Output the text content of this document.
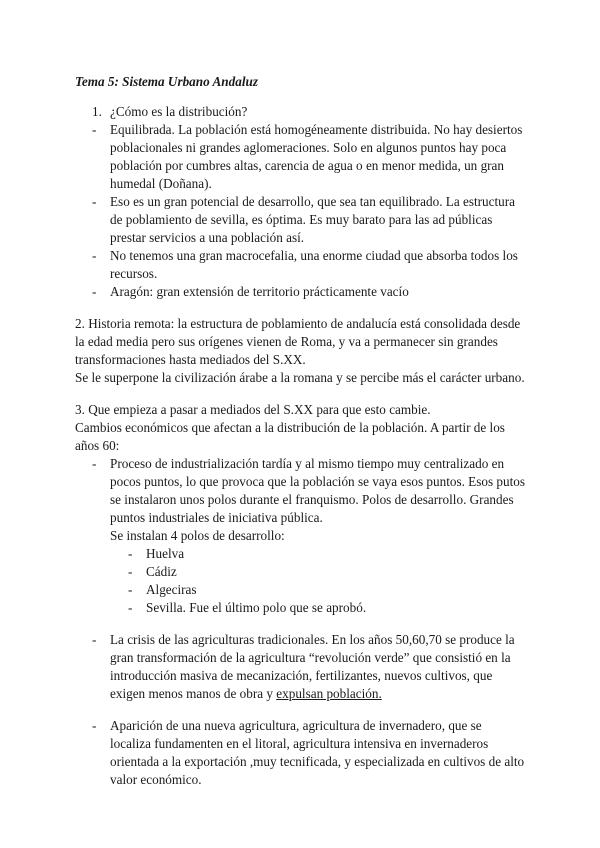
Tema 5: Sistema Urbano Andaluz
1. ¿Cómo es la distribución?
- Equilibrada. La población está homogéneamente distribuida. No hay desiertos
poblacionales ni grandes aglomeraciones. Solo en algunos puntos hay poca
población por cumbres altas, carencia de agua o en menor medida, un gran
humedal (Doñana).
- Eso es un gran potencial de desarrollo, que sea tan equilibrado. La estructura
de poblamiento de sevilla, es óptima. Es muy barato para las ad públicas
prestar servicios a una población así.
- No tenemos una gran macrocefalia, una enorme ciudad que absorba todos los
recursos.
- Aragón: gran extensión de territorio prácticamente vacío
2. Historia remota: la estructura de poblamiento de andalucía está consolidada desde
la edad media pero sus orígenes vienen de Roma, y va a permanecer sin grandes
transformaciones hasta mediados del S.XX.
Se le superpone la civilización árabe a la romana y se percibe más el carácter urbano.
3. Que empieza a pasar a mediados del S.XX para que esto cambie.
Cambios económicos que afectan a la distribución de la población. A partir de los
años 60:
- Proceso de industrialización tardía y al mismo tiempo muy centralizado en
pocos puntos, lo que provoca que la población se vaya esos puntos. Esos putos
se instalaron unos polos durante el franquismo. Polos de desarrollo. Grandes
puntos industriales de iniciativa pública.
Se instalan 4 polos de desarrollo:
- Huelva
- Cádiz
- Algeciras
- Sevilla. Fue el último polo que se aprobó.
- La crisis de las agriculturas tradicionales. En los años 50,60,70 se produce la
gran transformación de la agricultura “revolución verde” que consistió en la
introducción masiva de mecanización, fertilizantes, nuevos cultivos, que
exigen menos manos de obra y expulsan población.
- Aparición de una nueva agricultura, agricultura de invernadero, que se
localiza fundamenten en el litoral, agricultura intensiva en invernaderos
orientada a la exportación ,muy tecnificada, y especializada en cultivos de alto
valor económico.
